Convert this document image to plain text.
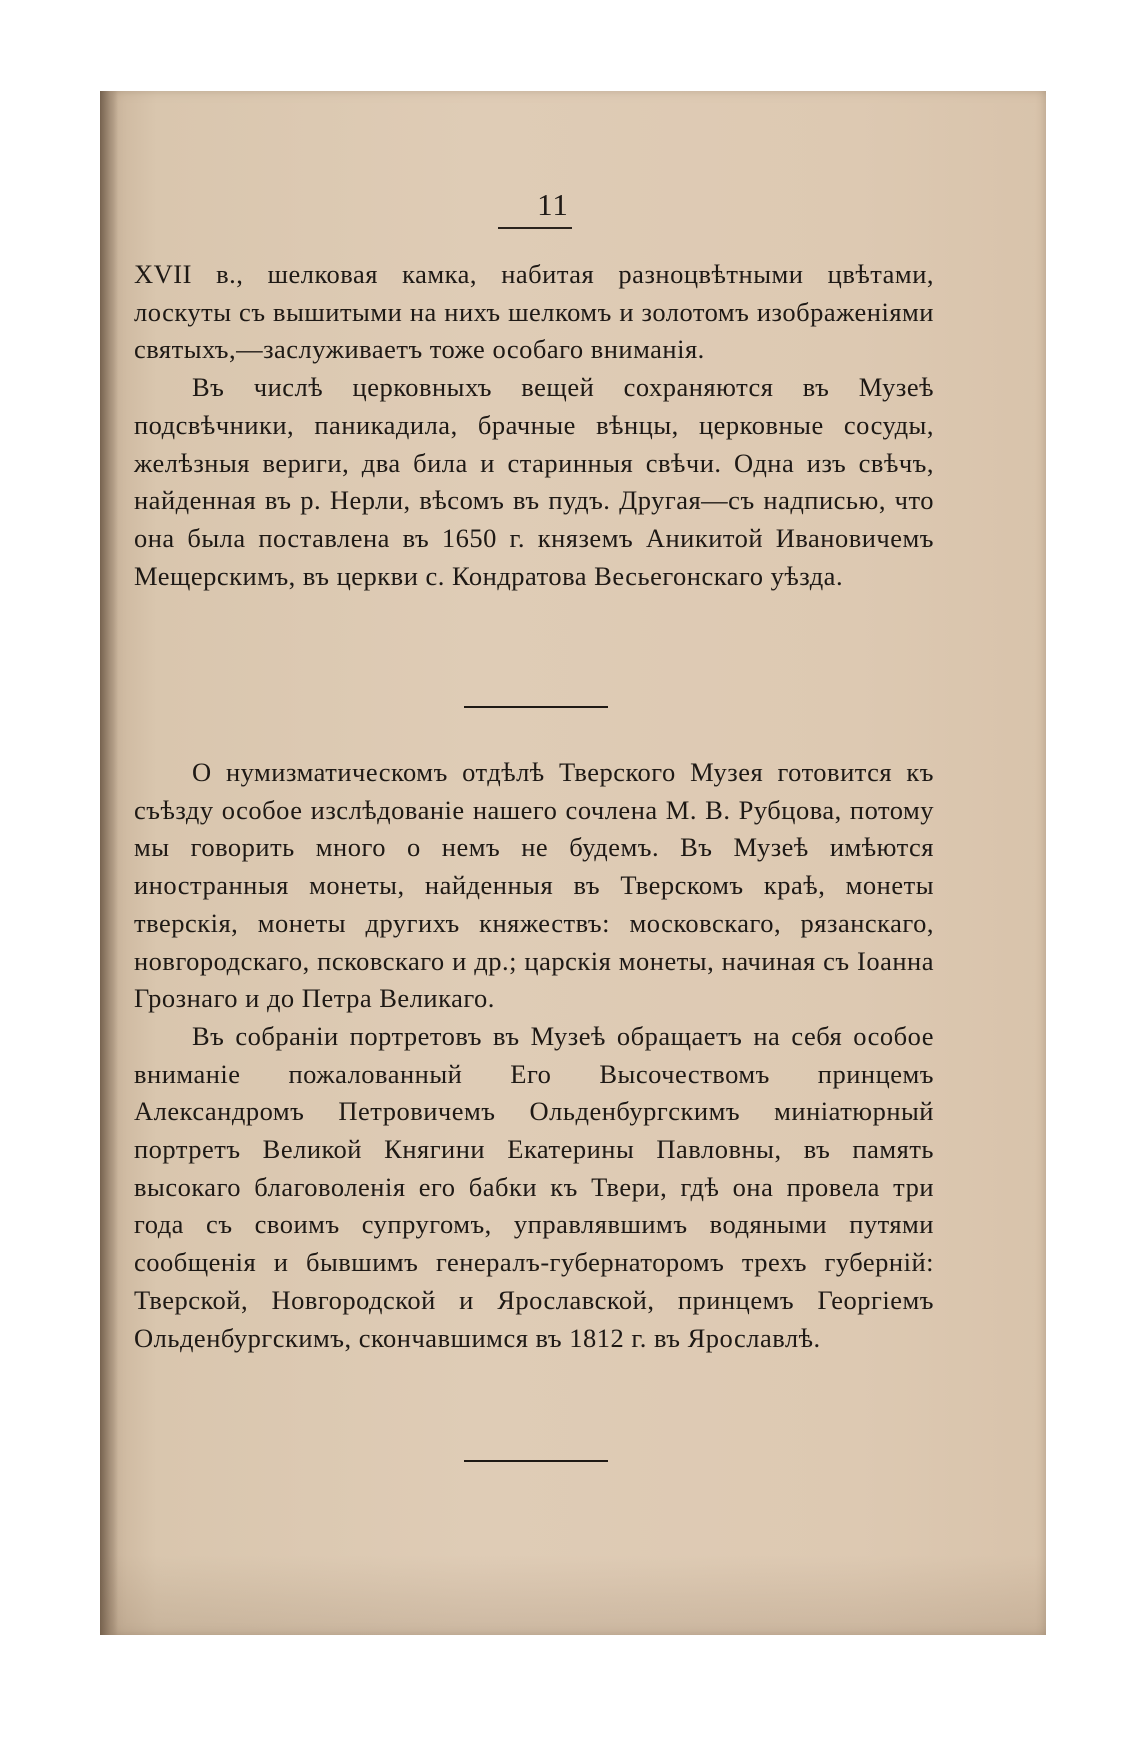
11

XVII в., шелковая камка, набитая разноцвѣтными цвѣтами, лоскуты съ вышитыми на нихъ шелкомъ и золотомъ изображеніями святыхъ,—заслуживаетъ тоже особаго вниманія.

Въ числѣ церковныхъ вещей сохраняются въ Музеѣ подсвѣчники, паникадила, брачные вѣнцы, церковные сосуды, желѣзныя вериги, два била и старинныя свѣчи. Одна изъ свѣчъ, найденная въ р. Нерли, вѣсомъ въ пудъ. Другая—съ надписью, что она была поставлена въ 1650 г. княземъ Аникитой Ивановичемъ Мещерскимъ, въ церкви с. Кондратова Весьегонскаго уѣзда.

О нумизматическомъ отдѣлѣ Тверского Музея готовится къ съѣзду особое изслѣдованіе нашего сочлена М. В. Рубцова, потому мы говорить много о немъ не будемъ. Въ Музеѣ имѣются иностранныя монеты, найденныя въ Тверскомъ краѣ, монеты тверскія, монеты другихъ княжествъ: московскаго, рязанскаго, новгородскаго, псковскаго и др.; царскія монеты, начиная съ Іоанна Грознаго и до Петра Великаго.

Въ собраніи портретовъ въ Музеѣ обращаетъ на себя особое вниманіе пожалованный Его Высочествомъ принцемъ Александромъ Петровичемъ Ольденбургскимъ миніатюрный портретъ Великой Княгини Екатерины Павловны, въ память высокаго благоволенія его бабки къ Твери, гдѣ она провела три года съ своимъ супругомъ, управлявшимъ водяными путями сообщенія и бывшимъ генералъ-губернаторомъ трехъ губерній: Тверской, Новгородской и Ярославской, принцемъ Георгіемъ Ольденбургскимъ, скончавшимся въ 1812 г. въ Ярославлѣ.
